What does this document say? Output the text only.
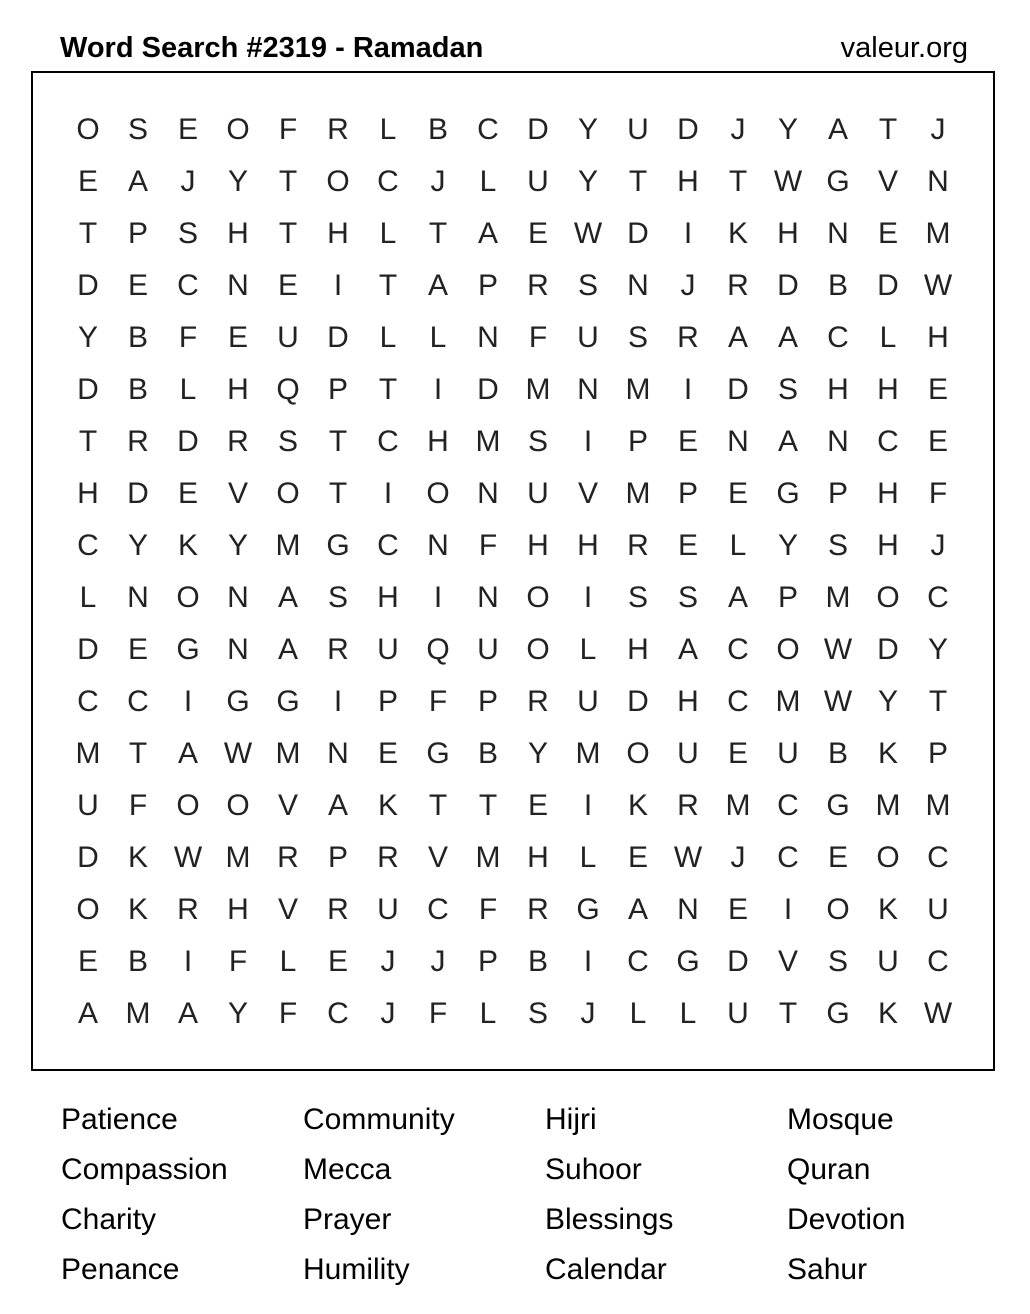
Word Search #2319 - Ramadan	valeur.org
O S E O F	R	L	B C D Y U D	J	Y A	T	J
E A	J	Y	T O C	J	L	U Y	T	H	T W G V N
T	P S H	T	H	L	T	A E W D	I	K H N E M
D E C N E	I	T	A P R S N	J	R D B D W
Y B	F	E U D	L	L	N	F	U S R A A C	L	H
D B	L	H Q P	T	I	D M N M	I	D S H H E
T	R D R S	T	C H M S	I	P E N A N C E
H D E V O T	I	O N U V M P E G P H	F
C Y K Y M G C N	F	H H R E	L	Y S H	J
L	N O N A S H	I	N O	I	S S A P M O C
D E G N A R U Q U O L	H A C O W D Y
C C	I	G G	I	P	F	P R U D H C M W Y	T
M T	A W M N E G B Y M O U E U B K P
U	F O O V A K	T	T	E	I	K R M C G M M
D K W M R P R V M H	L	E W J	C E O C
O K R H V R U C	F	R G A N E	I	O K U
E B	I	F	L	E	J	J	P B	I	C G D V S U C
A M A Y	F	C	J	F	L	S	J	L	L	U	T G K W
Patience	Community	Hijri	Mosque
Compassion	Mecca	Suhoor	Quran
Charity	Prayer	Blessings	Devotion
Penance	Humility	Calendar	Sahur
